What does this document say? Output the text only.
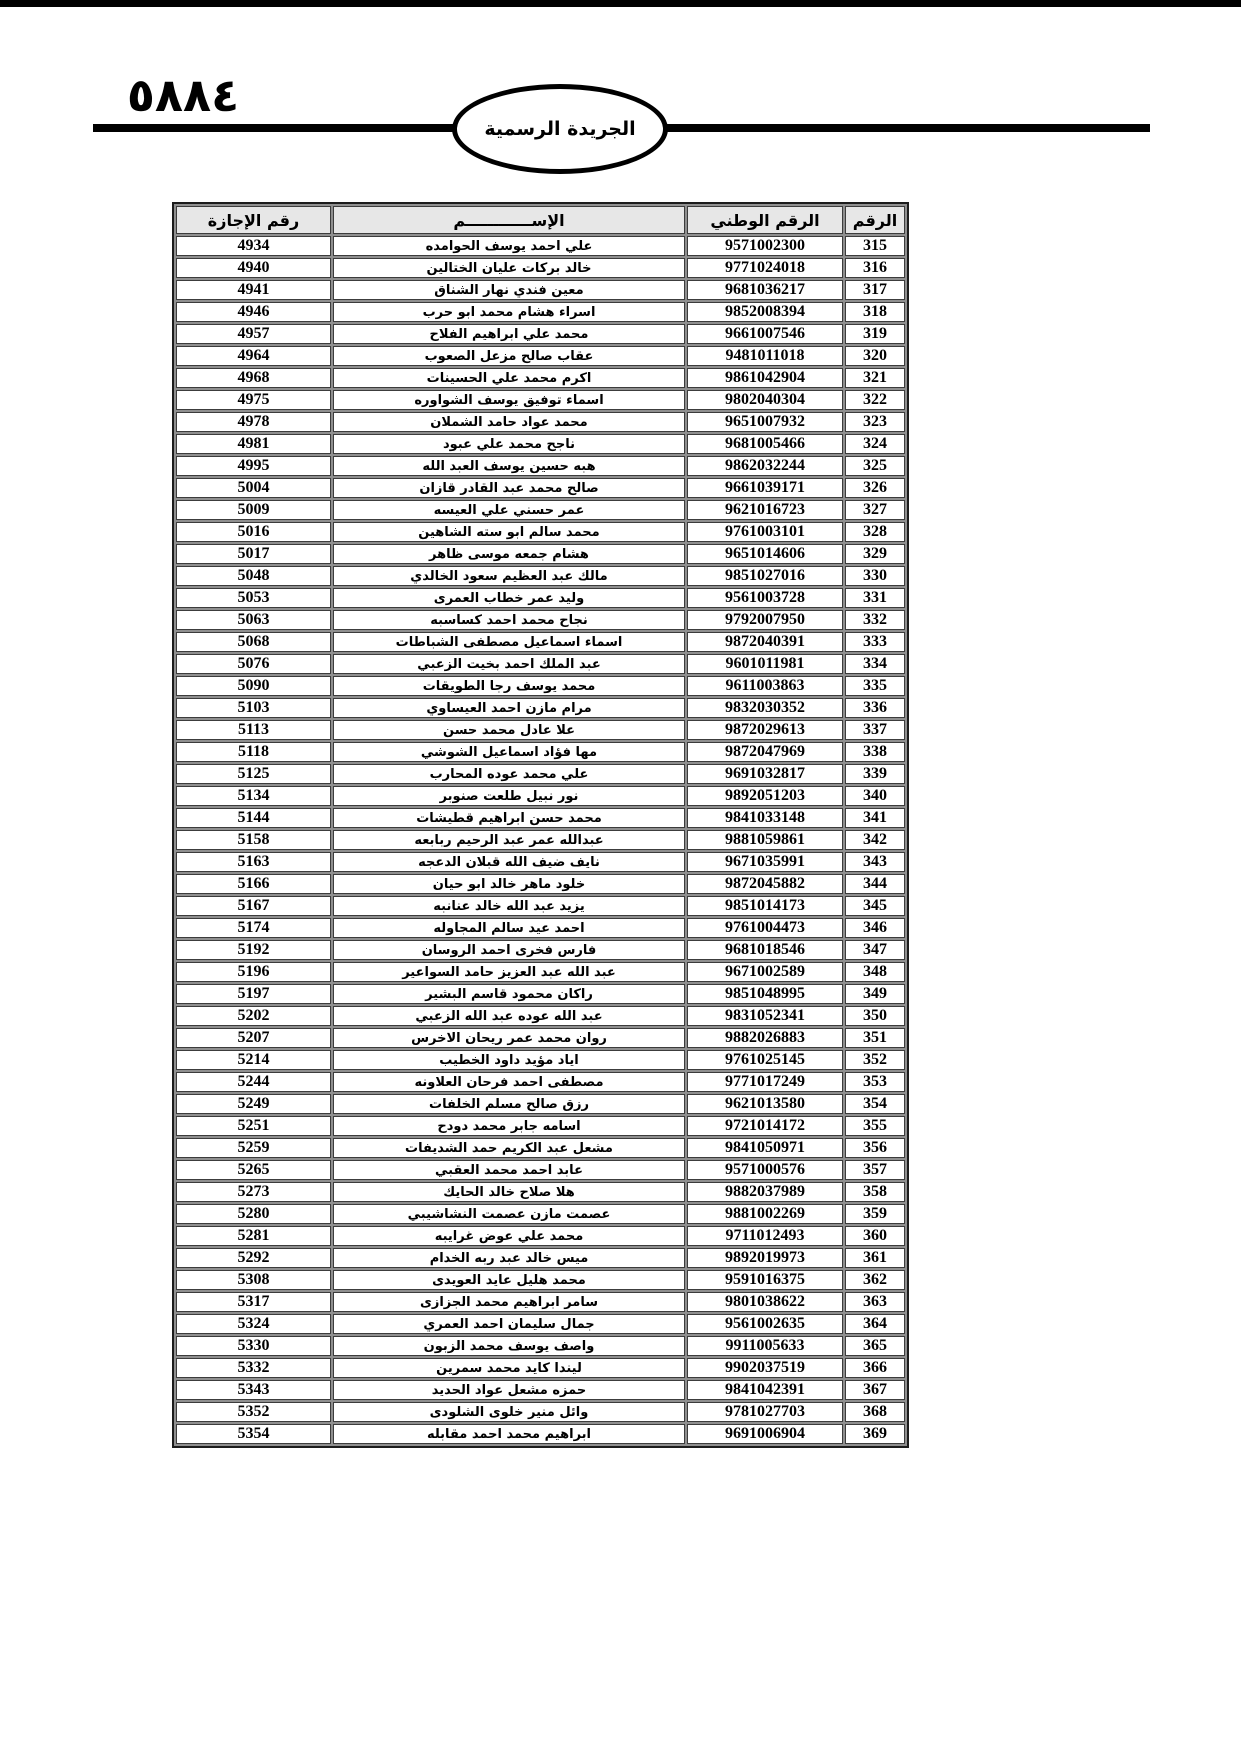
٥٨٨٤
الجريدة الرسمية
الرقم	الرقم الوطني	الإســــــــــــم	رقم الإجازة
315	9571002300	علي احمد يوسف الحوامده	4934
316	9771024018	خالد بركات عليان الختالين	4940
317	9681036217	معين فندي نهار الشناق	4941
318	9852008394	اسراء هشام محمد ابو حرب	4946
319	9661007546	محمد علي ابراهيم الفلاح	4957
320	9481011018	عقاب صالح مزعل الصعوب	4964
321	9861042904	اكرم محمد علي الحسينات	4968
322	9802040304	اسماء توفيق يوسف الشواوره	4975
323	9651007932	محمد عواد حامد الشملان	4978
324	9681005466	ناجح محمد علي عبود	4981
325	9862032244	هبه حسين يوسف العبد الله	4995
326	9661039171	صالح محمد عبد القادر قازان	5004
327	9621016723	عمر حسني علي العيسه	5009
328	9761003101	محمد سالم ابو سته الشاهين	5016
329	9651014606	هشام جمعه موسى ظاهر	5017
330	9851027016	مالك عبد العظيم سعود الخالدي	5048
331	9561003728	وليد عمر خطاب العمرى	5053
332	9792007950	نجاح محمد احمد كساسبه	5063
333	9872040391	اسماء اسماعيل مصطفى الشباطات	5068
334	9601011981	عبد الملك احمد بخيت الزعبي	5076
335	9611003863	محمد يوسف رجا الطويقات	5090
336	9832030352	مرام مازن احمد العيساوي	5103
337	9872029613	علا عادل محمد حسن	5113
338	9872047969	مها فؤاد اسماعيل الشوشي	5118
339	9691032817	علي محمد عوده المحارب	5125
340	9892051203	نور نبيل طلعت صنوبر	5134
341	9841033148	محمد حسن ابراهيم قطيشات	5144
342	9881059861	عبدالله عمر عبد الرحيم ربابعه	5158
343	9671035991	نايف ضيف الله قبلان الدعجه	5163
344	9872045882	خلود ماهر خالد ابو حيان	5166
345	9851014173	يزيد عبد الله خالد عنانبه	5167
346	9761004473	احمد عيد سالم المجاوله	5174
347	9681018546	فارس فخرى احمد الروسان	5192
348	9671002589	عبد الله عبد العزيز حامد السواعير	5196
349	9851048995	راكان محمود قاسم البشير	5197
350	9831052341	عبد الله عوده عبد الله الزعبي	5202
351	9882026883	روان محمد عمر ريحان الاخرس	5207
352	9761025145	اياد مؤيد داود الخطيب	5214
353	9771017249	مصطفى احمد فرحان العلاونه	5244
354	9621013580	رزق صالح مسلم الخلفات	5249
355	9721014172	اسامه جابر محمد دودح	5251
356	9841050971	مشعل عبد الكريم حمد الشديفات	5259
357	9571000576	عابد احمد محمد العقبي	5265
358	9882037989	هلا صلاح خالد الحايك	5273
359	9881002269	عصمت مازن عصمت النشاشيبي	5280
360	9711012493	محمد علي عوض غرايبه	5281
361	9892019973	ميس خالد عبد ربه الخدام	5292
362	9591016375	محمد هليل عايد العويدى	5308
363	9801038622	سامر ابراهيم محمد الجزازى	5317
364	9561002635	جمال سليمان احمد العمري	5324
365	9911005633	واصف يوسف محمد الزبون	5330
366	9902037519	ليندا كايد محمد سمرين	5332
367	9841042391	حمزه مشعل عواد الحديد	5343
368	9781027703	وائل منير خلوى الشلودى	5352
369	9691006904	ابراهيم محمد احمد مقابله	5354
